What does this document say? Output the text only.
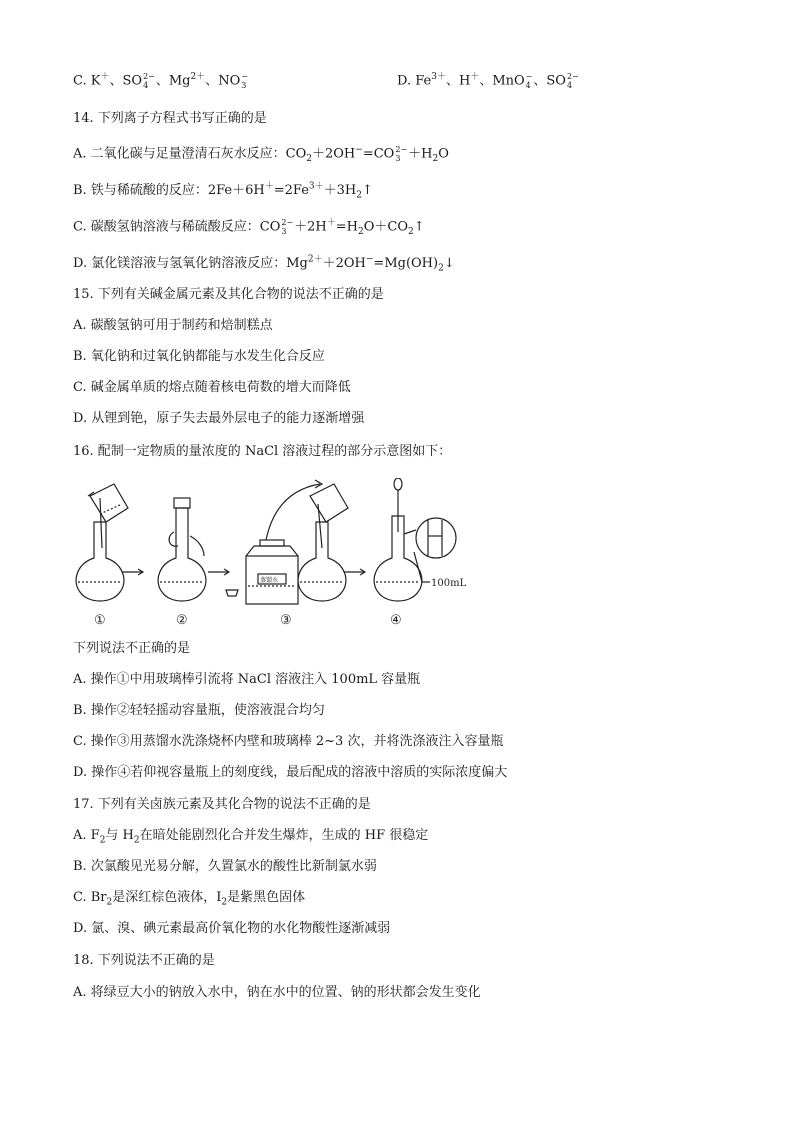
C. K＋、SO 2−
4 、$Mg^{2+}$、NO −
3	D. $Fe^{3+}$、H＋、MnO −
4 、SO 2−
4
14. 下列离子方程式书写正确的是
A. 二氧化碳与足量澄清石灰水反应：$CO_2+2OH^-=CO$ 2−
$3 +H_2O$
B. 铁与稀硫酸的反应：$2Fe+6H^+=2Fe^{3+}+3H_2↑$
C. 碳酸氢钠溶液与稀硫酸反应：CO 2−
$3 +2H^+=H_2O+CO_2↑$
D. 氯化镁溶液与氢氧化钠溶液反应：$Mg^{2+}+2OH^-=Mg(OH)_2↓$
15. 下列有关碱金属元素及其化合物的说法不正确的是
A. 碳酸氢钠可用于制药和焙制糕点
B. 氧化钠和过氧化钠都能与水发生化合反应
C. 碱金属单质的熔点随着核电荷数的增大而降低
D. 从锂到铯，原子失去最外层电子的能力逐渐增强
16. 配制一定物质的量浓度的 NaCl 溶液过程的部分示意图如下：
蒸馏水	100mL
①	②	③	④
下列说法不正确的是
A. 操作①中用玻璃棒引流将 NaCl 溶液注入 100mL 容量瓶
B. 操作②轻轻摇动容量瓶，使溶液混合均匀
C. 操作③用蒸馏水洗涤烧杯内壁和玻璃棒 2~3 次，并将洗涤液注入容量瓶
D. 操作④若仰视容量瓶上的刻度线，最后配成的溶液中溶质的实际浓度偏大
17. 下列有关卤族元素及其化合物的说法不正确的是
A. $F_2$与 $H_2$在暗处能剧烈化合并发生爆炸，生成的 HF 很稳定
B. 次氯酸见光易分解，久置氯水的酸性比新制氯水弱
C. $Br_2$是深红棕色液体，$I_2$是紫黑色固体
D. 氯、溴、碘元素最高价氧化物的水化物酸性逐渐减弱
18. 下列说法不正确的是
A. 将绿豆大小的钠放入水中，钠在水中的位置、钠的形状都会发生变化
